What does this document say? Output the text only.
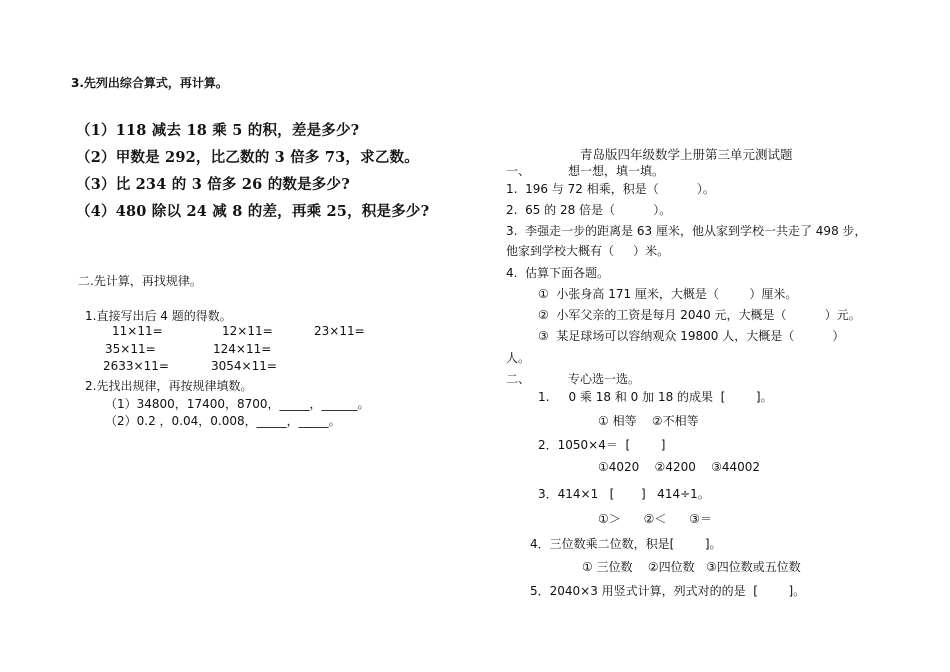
3.先列出综合算式，再计算。
（1）118 减去 18 乘 5 的积，差是多少?
（2）甲数是 292，比乙数的 3 倍多 73，求乙数。
（3）比 234 的 3 倍多 26 的数是多少?
（4）480 除以 24 减 8 的差，再乘 25，积是多少?
二.先计算，再找规律。
1.直接写出后 4 题的得数。
11×11=	12×11=	23×11=
35×11=	124×11=
2633×11=	3054×11=
2.先找出规律，再按规律填数。
（1）34800，17400，8700，_____，______。
（2）0.2 ，0.04，0.008，_____，_____。
青岛版四年级数学上册第三单元测试题
一、	想一想，填一填。
1.  196 与 72 相乘，积是（          ）。
2.  65 的 28 倍是（          ）。
3.  李强走一步的距离是 63 厘米，他从家到学校一共走了 498 步，
他家到学校大概有（     ）米。
4.  估算下面各题。
①  小张身高 171 厘米，大概是（        ）厘米。
②  小军父亲的工资是每月 2040 元，大概是（          ）元。
③  某足球场可以容纳观众 19800 人，大概是（          ）
人。
二、	专心选一选。
1.     0 乘 18 和 0 加 18 的成果  [        ]。
① 相等    ②不相等
2．1050×4＝  [        ]
①4020    ②4200    ③44002
3．414×1   [       ]   414÷1。
①＞      ②＜      ③＝
4．三位数乘二位数，积是[        ]。
① 三位数    ②四位数   ③四位数或五位数
5．2040×3 用竖式计算，列式对的的是  [        ]。
